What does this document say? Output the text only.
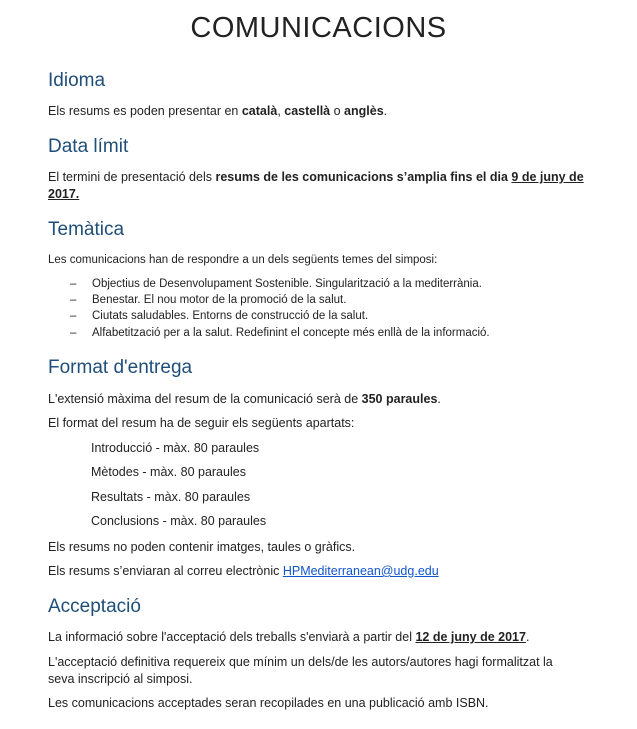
COMUNICACIONS
Idioma

Els resums es poden presentar en català, castellà o anglès.

Data límit

El termini de presentació dels resums de les comunicacions s’amplia fins el dia 9 de juny de
2017.

Temàtica

Les comunicacions han de respondre a un dels següents temes del simposi:

– Objectius de Desenvolupament Sostenible. Singularització a la mediterrània.

– Benestar. El nou motor de la promoció de la salut.

– Ciutats saludables. Entorns de construcció de la salut.

– Alfabetització per a la salut. Redefinint el concepte més enllà de la informació.

Format d'entrega

L'extensió màxima del resum de la comunicació serà de 350 paraules.

El format del resum ha de seguir els següents apartats:

Introducció - màx. 80 paraules

Mètodes - màx. 80 paraules

Resultats - màx. 80 paraules

Conclusions - màx. 80 paraules

Els resums no poden contenir imatges, taules o gràfics.

Els resums s’enviaran al correu electrònic HPMediterranean@udg.edu

Acceptació

La informació sobre l'acceptació dels treballs s'enviarà a partir del 12 de juny de 2017.

L'acceptació definitiva requereix que mínim un dels/de les autors/autores hagi formalitzat la
seva inscripció al simposi.

Les comunicacions acceptades seran recopilades en una publicació amb ISBN.
